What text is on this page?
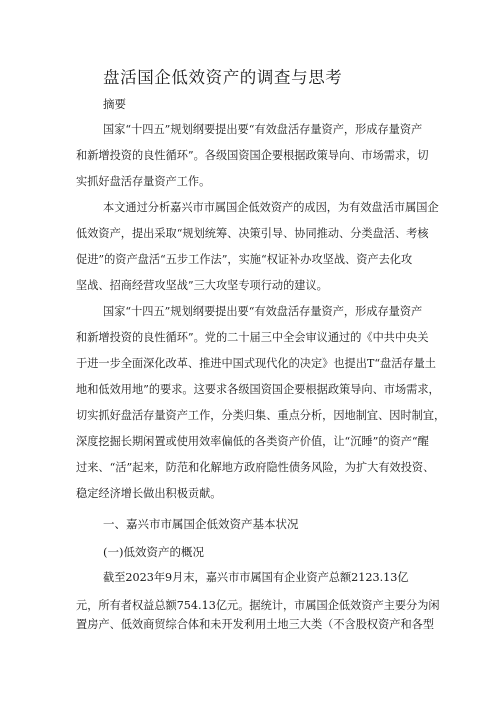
盘活国企低效资产的调查与思考
摘要
国家“十四五”规划纲要提出要“有效盘活存量资产，形成存量资产
和新增投资的良性循环”。各级国资国企要根据政策导向、市场需求，切
实抓好盘活存量资产工作。
本文通过分析嘉兴市市属国企低效资产的成因，为有效盘活市属国企
低效资产，提出采取“规划统筹、决策引导、协同推动、分类盘活、考核
促进”的资产盘活“五步工作法”，实施“权证补办攻坚战、资产去化攻
坚战、招商经营攻坚战”三大攻坚专项行动的建议。
国家“十四五”规划纲要提出要“有效盘活存量资产，形成存量资产
和新增投资的良性循环”。党的二十届三中全会审议通过的《中共中央关
于进一步全面深化改革、推进中国式现代化的决定》也提出T“盘活存量土
地和低效用地”的要求。这要求各级国资国企要根据政策导向、市场需求，
切实抓好盘活存量资产工作，分类归集、重点分析，因地制宜、因时制宜，
深度挖掘长期闲置或使用效率偏低的各类资产价值，让“沉睡”的资产“醒
过来、“活”起来，防范和化解地方政府隐性债务风险，为扩大有效投资、
稳定经济增长做出积极贡献。
一、嘉兴市市属国企低效资产基本状况
(一)低效资产的概况
截至2023年9月末，嘉兴市市属国有企业资产总额2123.13亿
元，所有者权益总额754.13亿元。据统计，市属国企低效资产主要分为闲
置房产、低效商贸综合体和未开发利用土地三大类（不含股权资产和各型
